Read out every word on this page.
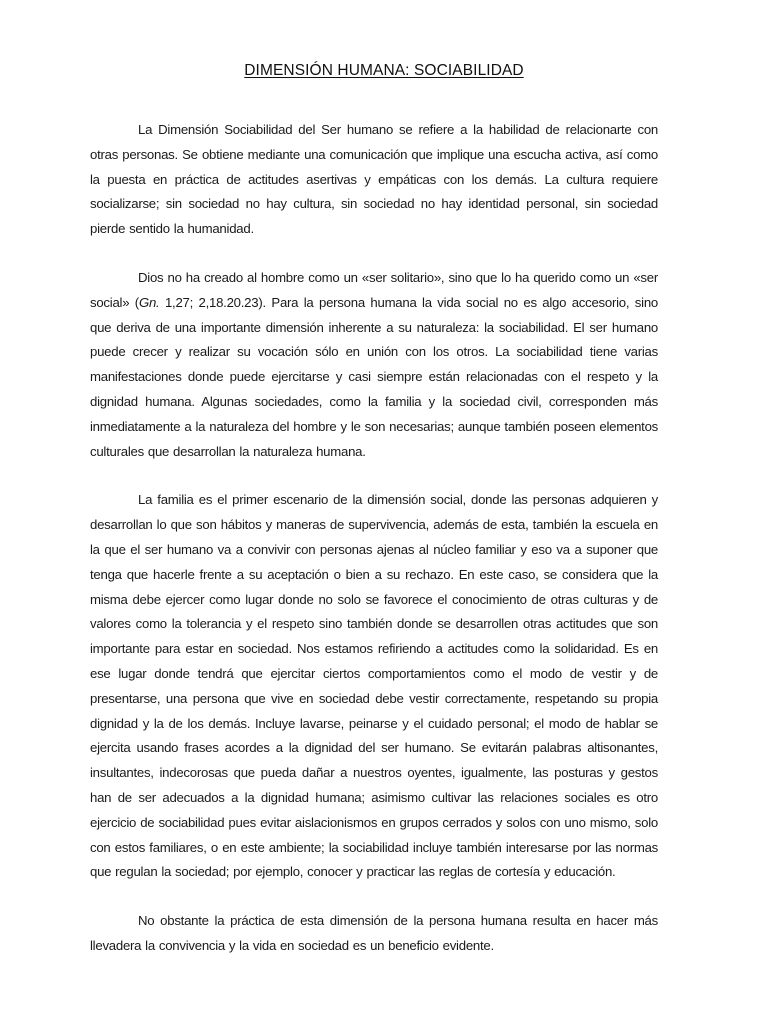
DIMENSIÓN HUMANA: SOCIABILIDAD

La Dimensión Sociabilidad del Ser humano se refiere a la habilidad de relacionarte con otras personas. Se obtiene mediante una comunicación que implique una escucha activa, así como la puesta en práctica de actitudes asertivas y empáticas con los demás. La cultura requiere socializarse; sin sociedad no hay cultura, sin sociedad no hay identidad personal, sin sociedad pierde sentido la humanidad.

Dios no ha creado al hombre como un «ser solitario», sino que lo ha querido como un «ser social» (Gn. 1,27; 2,18.20.23). Para la persona humana la vida social no es algo accesorio, sino que deriva de una importante dimensión inherente a su naturaleza: la sociabilidad. El ser humano puede crecer y realizar su vocación sólo en unión con los otros. La sociabilidad tiene varias manifestaciones donde puede ejercitarse y casi siempre están relacionadas con el respeto y la dignidad humana. Algunas sociedades, como la familia y la sociedad civil, corresponden más inmediatamente a la naturaleza del hombre y le son necesarias; aunque también poseen elementos culturales que desarrollan la naturaleza humana.

La familia es el primer escenario de la dimensión social, donde las personas adquieren y desarrollan lo que son hábitos y maneras de supervivencia, además de esta, también la escuela en la que el ser humano va a convivir con personas ajenas al núcleo familiar y eso va a suponer que tenga que hacerle frente a su aceptación o bien a su rechazo. En este caso, se considera que la misma debe ejercer como lugar donde no solo se favorece el conocimiento de otras culturas y de valores como la tolerancia y el respeto sino también donde se desarrollen otras actitudes que son importante para estar en sociedad. Nos estamos refiriendo a actitudes como la solidaridad. Es en ese lugar donde tendrá que ejercitar ciertos comportamientos como el modo de vestir y de presentarse, una persona que vive en sociedad debe vestir correctamente, respetando su propia dignidad y la de los demás. Incluye lavarse, peinarse y el cuidado personal; el modo de hablar se ejercita usando frases acordes a la dignidad del ser humano. Se evitarán palabras altisonantes, insultantes, indecorosas que pueda dañar a nuestros oyentes, igualmente, las posturas y gestos han de ser adecuados a la dignidad humana; asimismo cultivar las relaciones sociales es otro ejercicio de sociabilidad pues evitar aislacionismos en grupos cerrados y solos con uno mismo, solo con estos familiares, o en este ambiente; la sociabilidad incluye también interesarse por las normas que regulan la sociedad; por ejemplo, conocer y practicar las reglas de cortesía y educación.

No obstante la práctica de esta dimensión de la persona humana resulta en hacer más llevadera la convivencia y la vida en sociedad es un beneficio evidente.
